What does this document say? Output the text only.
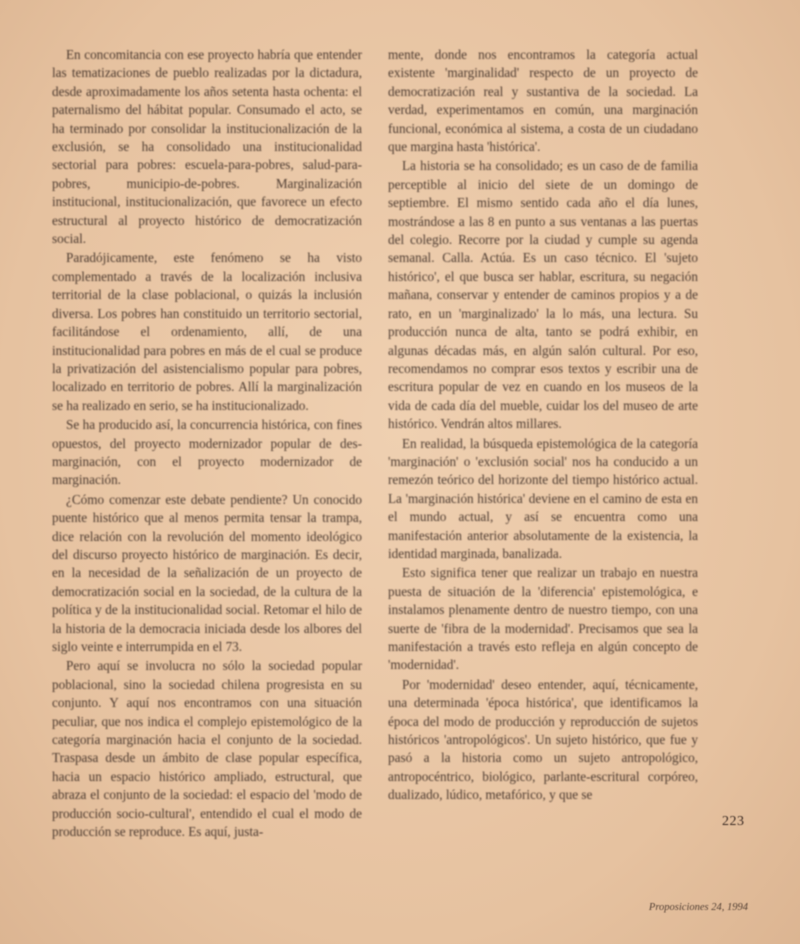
En concomitancia con ese proyecto habría que entender las tematizaciones de pueblo realizadas por la dictadura, desde aproximadamente los años setenta hasta ochenta: el paternalismo del hábitat popular. Consumado el acto, se ha terminado por consolidar la institucionalización de la exclusión, se ha consolidado una institucionalidad sectorial para pobres: escuela-para-pobres, salud-para-pobres, municipio-de-pobres. Marginalización institucional, institucionalización, que favorece un efecto estructural al proyecto histórico de democratización social.

Paradójicamente, este fenómeno se ha visto complementado a través de la localización inclusiva territorial de la clase poblacional, o quizás la inclusión diversa. Los pobres han constituido un territorio sectorial, facilitándose el ordenamiento, allí, de una institucionalidad para pobres en más de el cual se produce la privatización del asistencialismo popular para pobres, localizado en territorio de pobres. Allí la marginalización se ha realizado en serio, se ha institucionalizado.

Se ha producido así, la concurrencia histórica, con fines opuestos, del proyecto modernizador popular de des-marginación, con el proyecto modernizador de marginación.

¿Cómo comenzar este debate pendiente? Un conocido puente histórico que al menos permita tensar la trampa, dice relación con la revolución del momento ideológico del discurso proyecto histórico de marginación. Es decir, en la necesidad de la señalización de un proyecto de democratización social en la sociedad, de la cultura de la política y de la institucionalidad social. Retomar el hilo de la historia de la democracia iniciada desde los albores del siglo veinte e interrumpida en el 73.

Pero aquí se involucra no sólo la sociedad popular poblacional, sino la sociedad chilena progresista en su conjunto. Y aquí nos encontramos con una situación peculiar, que nos indica el complejo epistemológico de la categoría marginación hacia el conjunto de la sociedad. Traspasa desde un ámbito de clase popular específica, hacia un espacio histórico ampliado, estructural, que abraza el conjunto de la sociedad: el espacio del 'modo de producción socio-cultural', entendido el cual el modo de producción se reproduce. Es aquí, justa-

mente, donde nos encontramos la categoría actual existente 'marginalidad' respecto de un proyecto de democratización real y sustantiva de la sociedad. La verdad, experimentamos en común, una marginación funcional, económica al sistema, a costa de un ciudadano que margina hasta 'histórica'.

La historia se ha consolidado; es un caso de de familia perceptible al inicio del siete de un domingo de septiembre. El mismo sentido cada año el día lunes, mostrándose a las 8 en punto a sus ventanas a las puertas del colegio. Recorre por la ciudad y cumple su agenda semanal. Calla. Actúa. Es un caso técnico. El 'sujeto histórico', el que busca ser hablar, escritura, su negación mañana, conservar y entender de caminos propios y a de rato, en un 'marginalizado' la lo más, una lectura. Su producción nunca de alta, tanto se podrá exhibir, en algunas décadas más, en algún salón cultural. Por eso, recomendamos no comprar esos textos y escribir una de escritura popular de vez en cuando en los museos de la vida de cada día del mueble, cuidar los del museo de arte histórico. Vendrán altos millares.

En realidad, la búsqueda epistemológica de la categoría 'marginación' o 'exclusión social' nos ha conducido a un remezón teórico del horizonte del tiempo histórico actual. La 'marginación histórica' deviene en el camino de esta en el mundo actual, y así se encuentra como una manifestación anterior absolutamente de la existencia, la identidad marginada, banalizada.

Esto significa tener que realizar un trabajo en nuestra puesta de situación de la 'diferencia' epistemológica, e instalamos plenamente dentro de nuestro tiempo, con una suerte de 'fibra de la modernidad'. Precisamos que sea la manifestación a través esto refleja en algún concepto de 'modernidad'.

Por 'modernidad' deseo entender, aquí, técnicamente, una determinada 'época histórica', que identificamos la época del modo de producción y reproducción de sujetos históricos 'antropológicos'. Un sujeto histórico, que fue y pasó a la historia como un sujeto antropológico, antropocéntrico, biológico, parlante-escritural corpóreo, dualizado, lúdico, metafórico, y que se

223
Proposiciones 24, 1994
